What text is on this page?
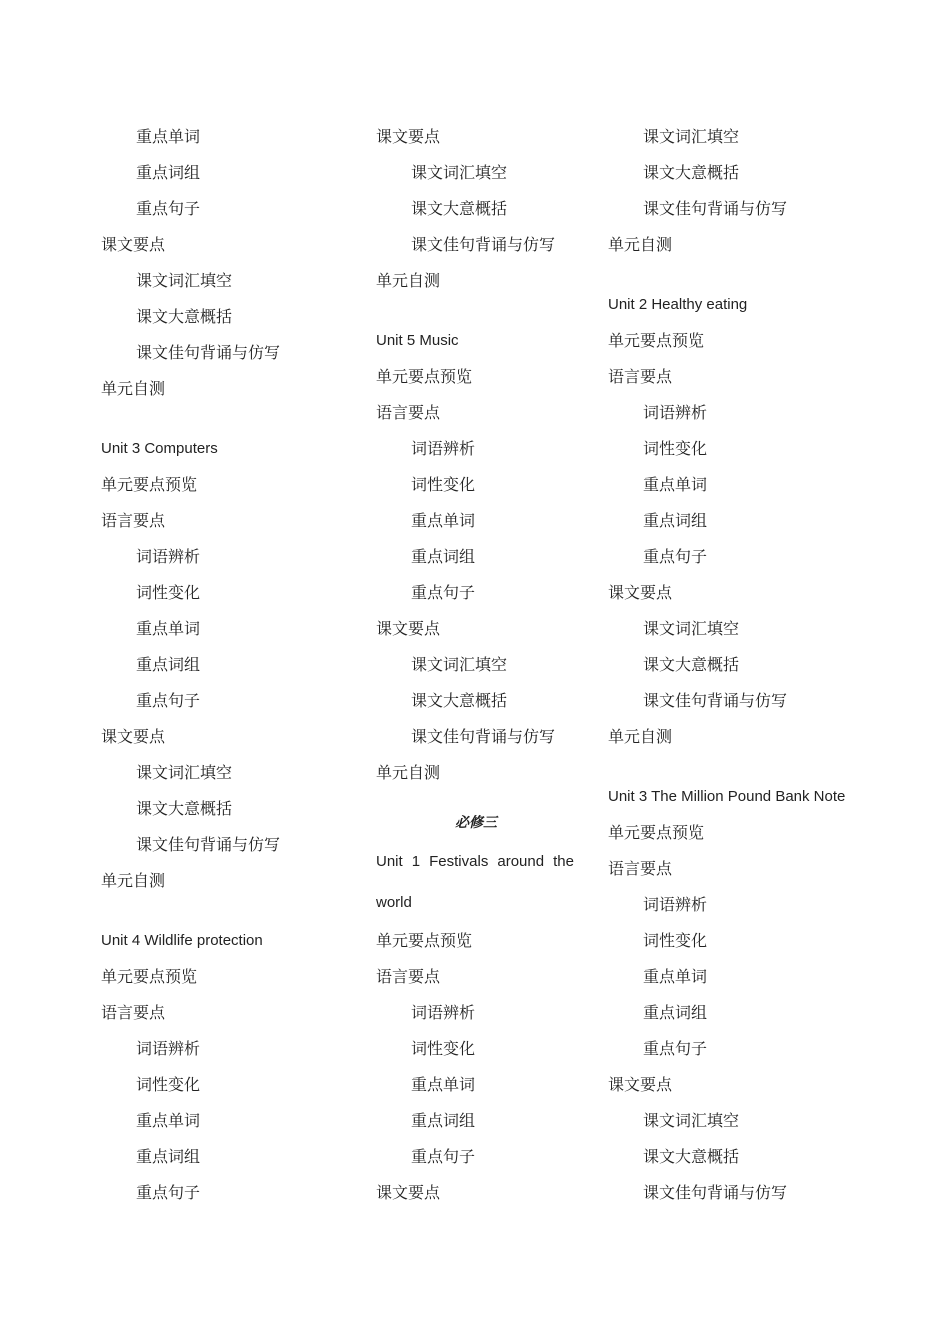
重点单词
重点词组
重点句子
课文要点
课文词汇填空
课文大意概括
课文佳句背诵与仿写
单元自测
Unit 3 Computers
单元要点预览
语言要点
词语辨析
词性变化
重点单词
重点词组
重点句子
课文要点
课文词汇填空
课文大意概括
课文佳句背诵与仿写
单元自测
Unit 4 Wildlife protection
单元要点预览
语言要点
词语辨析
词性变化
重点单词
重点词组
重点句子
课文要点
课文词汇填空
课文大意概括
课文佳句背诵与仿写
单元自测
Unit 5 Music
单元要点预览
语言要点
词语辨析
词性变化
重点单词
重点词组
重点句子
课文要点
课文词汇填空
课文大意概括
课文佳句背诵与仿写
单元自测
必修三
Unit 1 Festivals around the world
单元要点预览
语言要点
词语辨析
词性变化
重点单词
重点词组
重点句子
课文要点
课文词汇填空
课文大意概括
课文佳句背诵与仿写
单元自测
Unit 2 Healthy eating
单元要点预览
语言要点
词语辨析
词性变化
重点单词
重点词组
重点句子
课文要点
课文词汇填空
课文大意概括
课文佳句背诵与仿写
单元自测
Unit 3 The Million Pound Bank Note
单元要点预览
语言要点
词语辨析
词性变化
重点单词
重点词组
重点句子
课文要点
课文词汇填空
课文大意概括
课文佳句背诵与仿写
